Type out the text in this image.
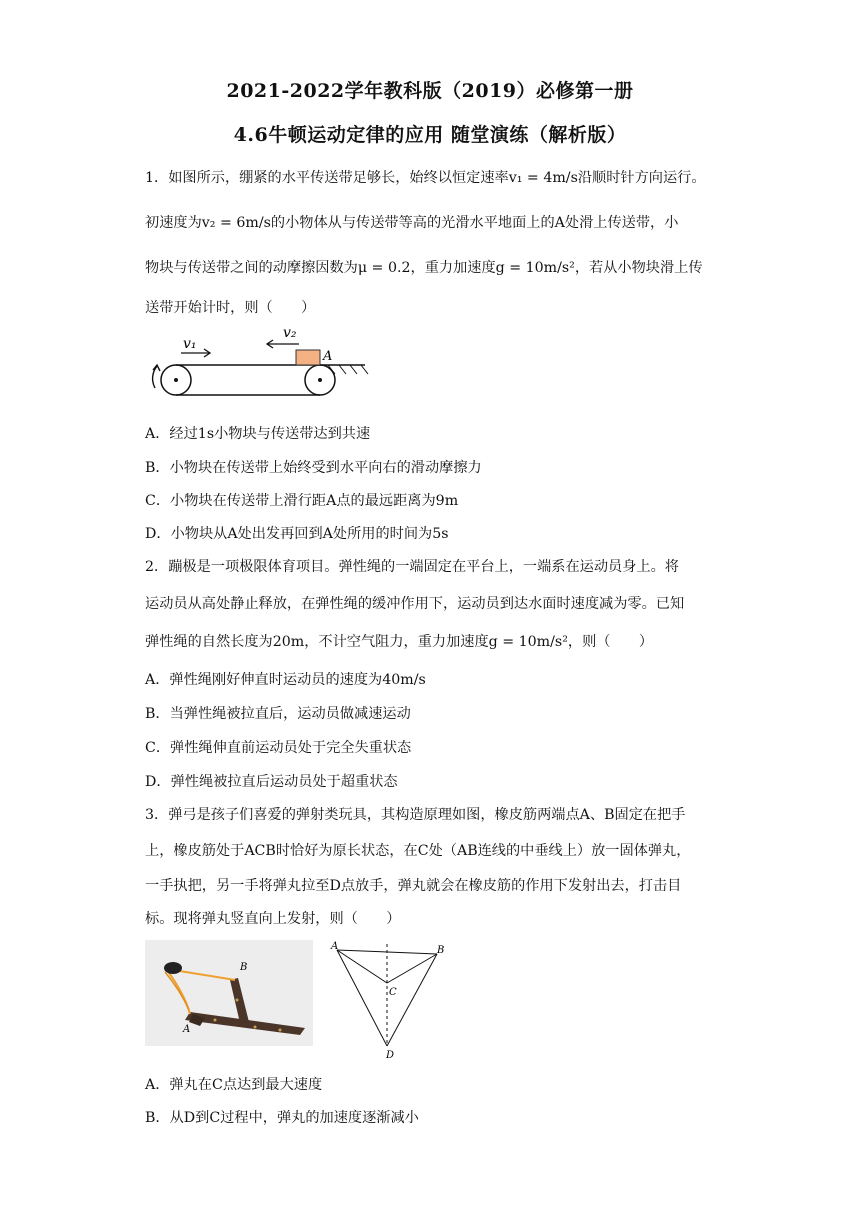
2021-2022学年教科版（2019）必修第一册
4.6牛顿运动定律的应用 随堂演练（解析版）
1．如图所示，绷紧的水平传送带足够长，始终以恒定速率v₁ = 4m/s沿顺时针方向运行。
初速度为v₂ = 6m/s的小物体从与传送带等高的光滑水平地面上的A处滑上传送带，小
物块与传送带之间的动摩擦因数为μ = 0.2，重力加速度g = 10m/s²，若从小物块滑上传
送带开始计时，则（　　）
v₁
v₂
A
A．经过1s小物块与传送带达到共速
B．小物块在传送带上始终受到水平向右的滑动摩擦力
C．小物块在传送带上滑行距A点的最远距离为9m
D．小物块从A处出发再回到A处所用的时间为5s
2．蹦极是一项极限体育项目。弹性绳的一端固定在平台上，一端系在运动员身上。将
运动员从高处静止释放，在弹性绳的缓冲作用下，运动员到达水面时速度减为零。已知
弹性绳的自然长度为20m，不计空气阻力，重力加速度g = 10m/s²，则（　　）
A．弹性绳刚好伸直时运动员的速度为40m/s
B．当弹性绳被拉直后，运动员做减速运动
C．弹性绳伸直前运动员处于完全失重状态
D．弹性绳被拉直后运动员处于超重状态
3．弹弓是孩子们喜爱的弹射类玩具，其构造原理如图，橡皮筋两端点A、B固定在把手
上，橡皮筋处于ACB时恰好为原长状态，在C处（AB连线的中垂线上）放一固体弹丸，
一手执把，另一手将弹丸拉至D点放手，弹丸就会在橡皮筋的作用下发射出去，打击目
标。现将弹丸竖直向上发射，则（　　）
B
A
A	B
C
D
A．弹丸在C点达到最大速度
B．从D到C过程中，弹丸的加速度逐渐减小
